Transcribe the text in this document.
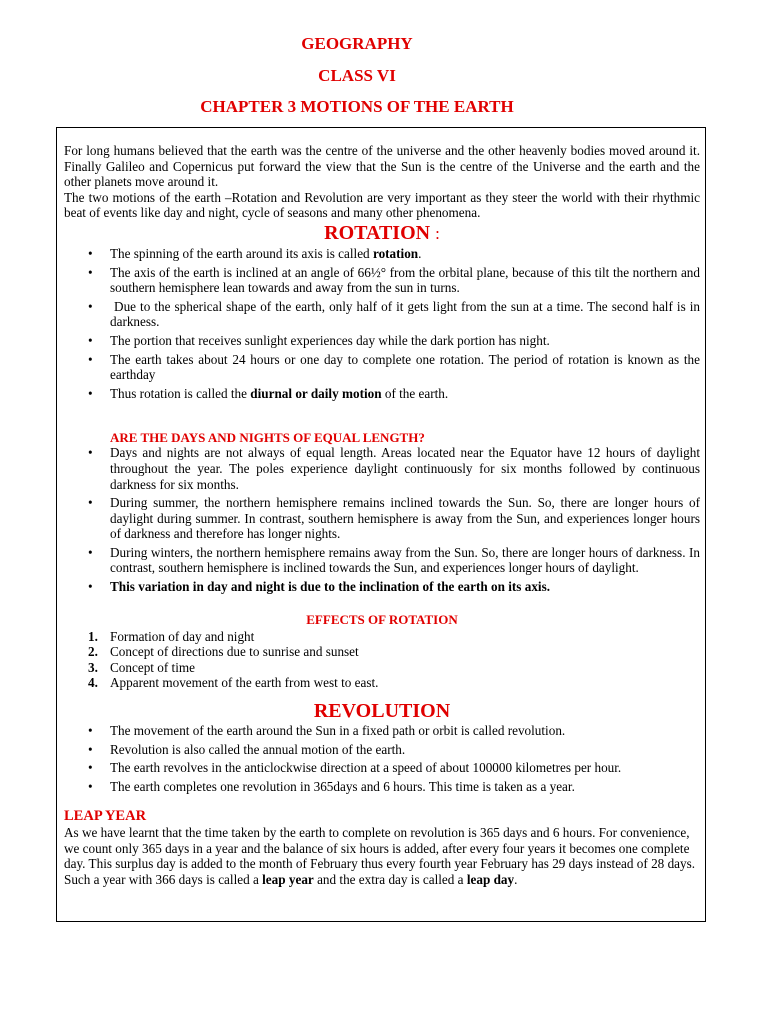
GEOGRAPHY
CLASS VI
CHAPTER 3 MOTIONS OF THE EARTH

For long humans believed that the earth was the centre of the universe and the other heavenly bodies moved around it. Finally Galileo and Copernicus put forward the view that the Sun is the centre of the Universe and the earth and the other planets move around it.

The two motions of the earth –Rotation and Revolution are very important as they steer the world with their rhythmic beat of events like day and night, cycle of seasons and many other phenomena.

ROTATION :

• The spinning of the earth around its axis is called rotation.
• The axis of the earth is inclined at an angle of 66½° from the orbital plane, because of this tilt the northern and southern hemisphere lean towards and away from the sun in turns.
• Due to the spherical shape of the earth, only half of it gets light from the sun at a time. The second half is in darkness.
• The portion that receives sunlight experiences day while the dark portion has night.
• The earth takes about 24 hours or one day to complete one rotation. The period of rotation is known as the earthday
• Thus rotation is called the diurnal or daily motion of the earth.

ARE THE DAYS AND NIGHTS OF EQUAL LENGTH?

• Days and nights are not always of equal length. Areas located near the Equator have 12 hours of daylight throughout the year. The poles experience daylight continuously for six months followed by continuous darkness for six months.
• During summer, the northern hemisphere remains inclined towards the Sun. So, there are longer hours of daylight during summer. In contrast, southern hemisphere is away from the Sun, and experiences longer hours of darkness and therefore has longer nights.
• During winters, the northern hemisphere remains away from the Sun. So, there are longer hours of darkness. In contrast, southern hemisphere is inclined towards the Sun, and experiences longer hours of daylight.
• This variation in day and night is due to the inclination of the earth on its axis.

EFFECTS OF ROTATION

1. Formation of day and night
2. Concept of directions due to sunrise and sunset
3. Concept of time
4. Apparent movement of the earth from west to east.

REVOLUTION

• The movement of the earth around the Sun in a fixed path or orbit is called revolution.
• Revolution is also called the annual motion of the earth.
• The earth revolves in the anticlockwise direction at a speed of about 100000 kilometres per hour.
• The earth completes one revolution in 365days and 6 hours. This time is taken as a year.

LEAP YEAR

As we have learnt that the time taken by the earth to complete on revolution is 365 days and 6 hours. For convenience, we count only 365 days in a year and the balance of six hours is added, after every four years it becomes one complete day. This surplus day is added to the month of February thus every fourth year February has 29 days instead of 28 days. Such a year with 366 days is called a leap year and the extra day is called a leap day.
